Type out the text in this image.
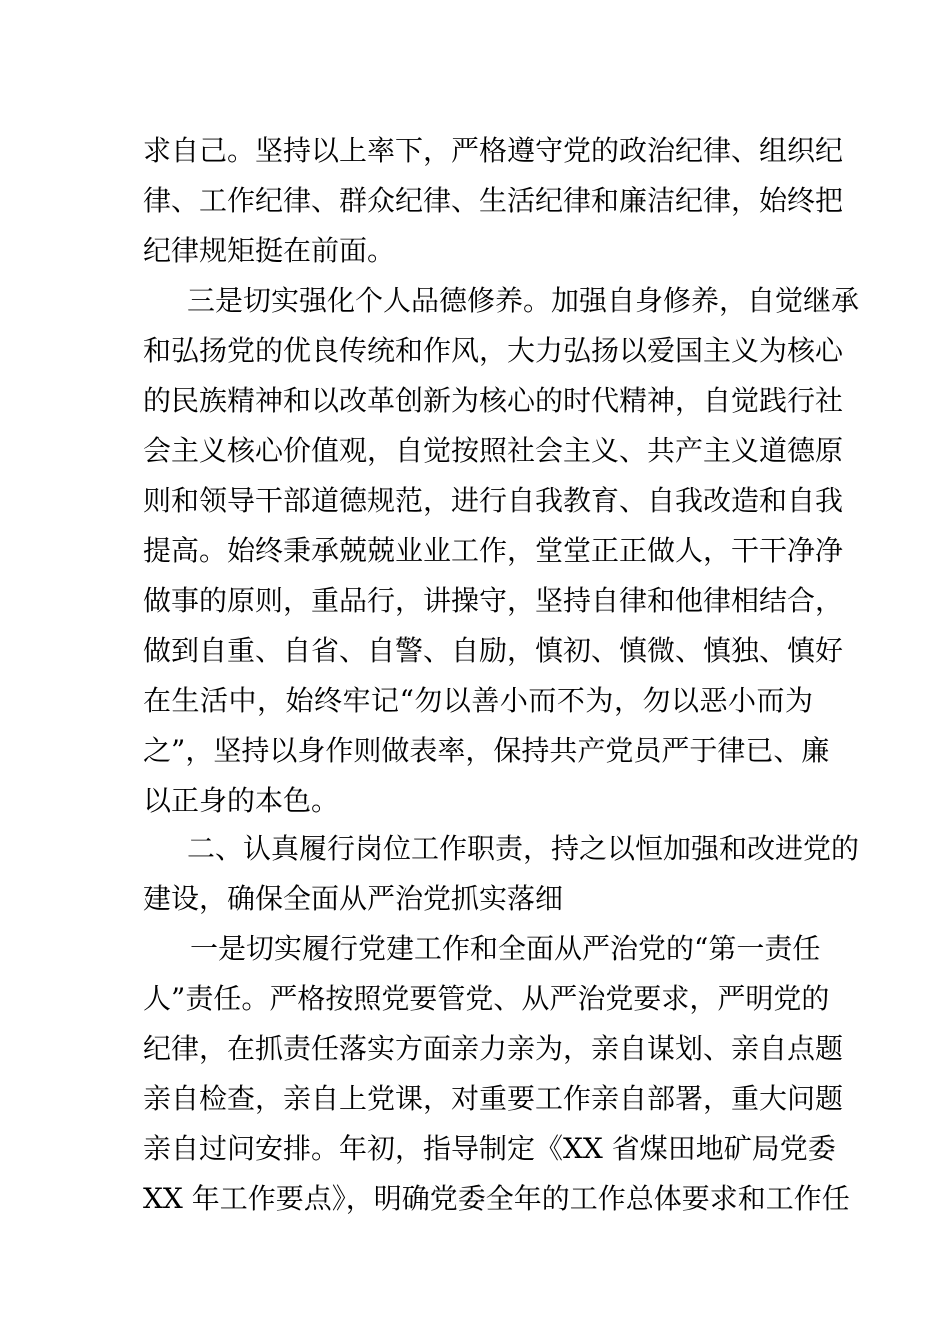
求自己。坚持以上率下，严格遵守党的政治纪律、组织纪

律、工作纪律、群众纪律、生活纪律和廉洁纪律，始终把

纪律规矩挺在前面。

三是切实强化个人品德修养。加强自身修养，自觉继承

和弘扬党的优良传统和作风，大力弘扬以爱国主义为核心

的民族精神和以改革创新为核心的时代精神，自觉践行社

会主义核心价值观，自觉按照社会主义、共产主义道德原

则和领导干部道德规范，进行自我教育、自我改造和自我

提高。始终秉承兢兢业业工作，堂堂正正做人，干干净净

做事的原则，重品行，讲操守，坚持自律和他律相结合，

做到自重、自省、自警、自励，慎初、慎微、慎独、慎好

在生活中，始终牢记“勿以善小而不为，勿以恶小而为

之”，坚持以身作则做表率，保持共产党员严于律已、廉

以正身的本色。

二、认真履行岗位工作职责，持之以恒加强和改进党的

建设，确保全面从严治党抓实落细

一是切实履行党建工作和全面从严治党的“第一责任

人”责任。严格按照党要管党、从严治党要求，严明党的

纪律，在抓责任落实方面亲力亲为，亲自谋划、亲自点题

亲自检查，亲自上党课，对重要工作亲自部署，重大问题

亲自过问安排。年初，指导制定《XX 省煤田地矿局党委

XX 年工作要点》，明确党委全年的工作总体要求和工作任
